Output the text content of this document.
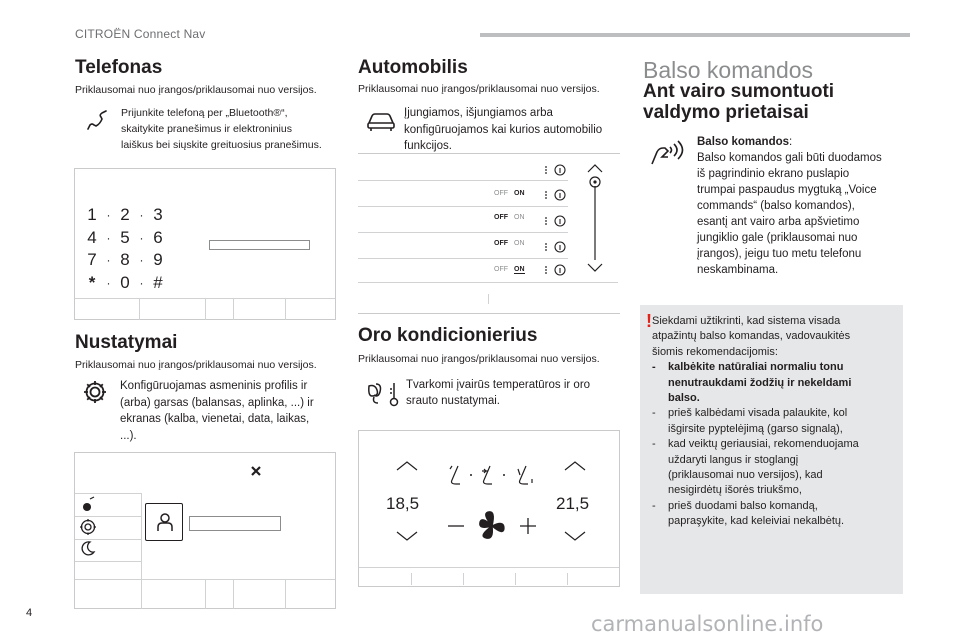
CITROËN Connect Nav
Telefonas
Priklausomai nuo įrangos/priklausomai nuo versijos.
Prijunkite telefoną per „Bluetooth®“,
skaitykite pranešimus ir elektroninius
laiškus bei siųskite greituosius pranešimus.
1 · 2 · 3
4 · 5 · 6
7 · 8 · 9
* · 0 · #
Nustatymai
Priklausomai nuo įrangos/priklausomai nuo versijos.
Konfigūruojamas asmeninis profilis ir
(arba) garsas (balansas, aplinka, ...) ir
ekranas (kalba, vienetai, data, laikas,
...).
Automobilis
Priklausomai nuo įrangos/priklausomai nuo versijos.
Įjungiamos, išjungiamos arba
konfigūruojamos kai kurios automobilio
funkcijos.
OFF ON
OFF ON
OFF ON
OFF ON
Oro kondicionierius
Priklausomai nuo įrangos/priklausomai nuo versijos.
Tvarkomi įvairūs temperatūros ir oro
srauto nustatymai.
18,5	21,5
Balso komandos
Ant vairo sumontuoti valdymo prietaisai
Balso komandos:
Balso komandos gali būti duodamos
iš pagrindinio ekrano puslapio
trumpai paspaudus mygtuką „Voice
commands“ (balso komandos),
esantį ant vairo arba apšvietimo
jungiklio gale (priklausomai nuo
įrangos), jeigu tuo metu telefonu
neskambinama.
! Siekdami užtikrinti, kad sistema visada
atpažintų balso komandas, vadovaukitės
šiomis rekomendacijomis:
-	kalbėkite natūraliai normaliu tonu
nenutraukdami žodžių ir nekeldami
balso.
-	prieš kalbėdami visada palaukite, kol
išgirsite pyptelėjimą (garso signalą),
-	kad veiktų geriausiai, rekomenduojama
uždaryti langus ir stoglangį
(priklausomai nuo versijos), kad
nesigirdėtų išorės triukšmo,
-	prieš duodami balso komandą,
papraşykite, kad keleiviai nekalbėtų.
4	carmanualsonline.info
